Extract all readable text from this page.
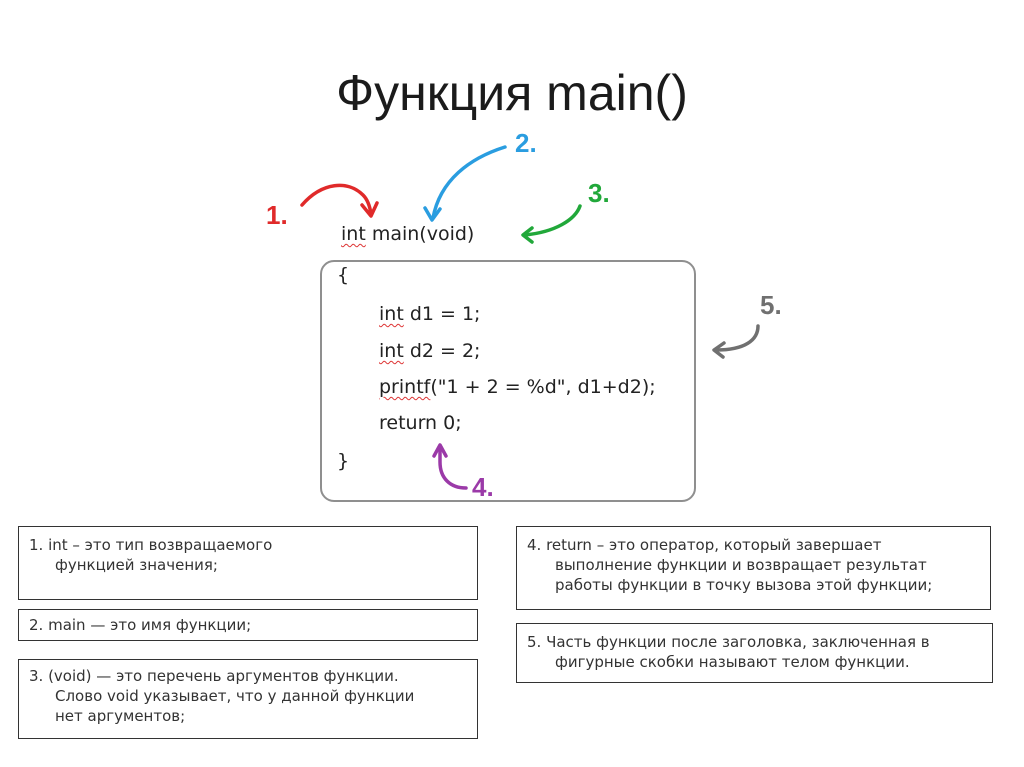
Функция main()
int main(void)
{
int d1 = 1;
int d2 = 2;
printf("1 + 2 = %d", d1+d2);
return 0;
}
1.
2.
3.
4.
5.
1. int – это тип возвращаемого
функцией значения;
2. main — это имя функции;
3. (void) — это перечень аргументов функции.
Слово void указывает, что у данной функции
нет аргументов;
4. return – это оператор, который завершает
выполнение функции и возвращает результат
работы функции в точку вызова этой функции;
5. Часть функции после заголовка, заключенная в
фигурные скобки называют телом функции.
